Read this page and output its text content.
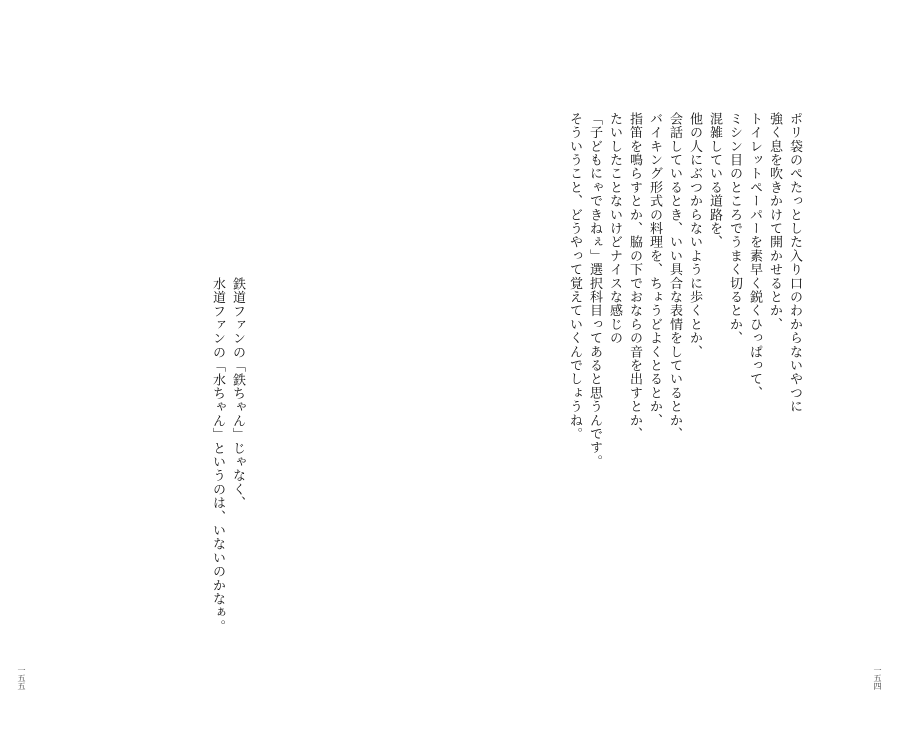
ポリ袋のぺたっとした入り口のわからないやつに
強く息を吹きかけて開かせるとか、
トイレットペーパーを素早く鋭くひっぱって、
ミシン目のところでうまく切るとか、
混雑している道路を、
他の人にぶつからないように歩くとか、
会話しているとき、いい具合な表情をしているとか、
バイキング形式の料理を、ちょうどよくとるとか、
指笛を鳴らすとか、脇の下でおならの音を出すとか、
たいしたことないけどナイスな感じの
「子どもにゃできねぇ」選択科目ってあると思うんです。
そういうこと、どうやって覚えていくんでしょうね。
鉄道ファンの「鉄ちゃん」じゃなく、
水道ファンの「水ちゃん」というのは、いないのかなぁ。
一五五	一五四
